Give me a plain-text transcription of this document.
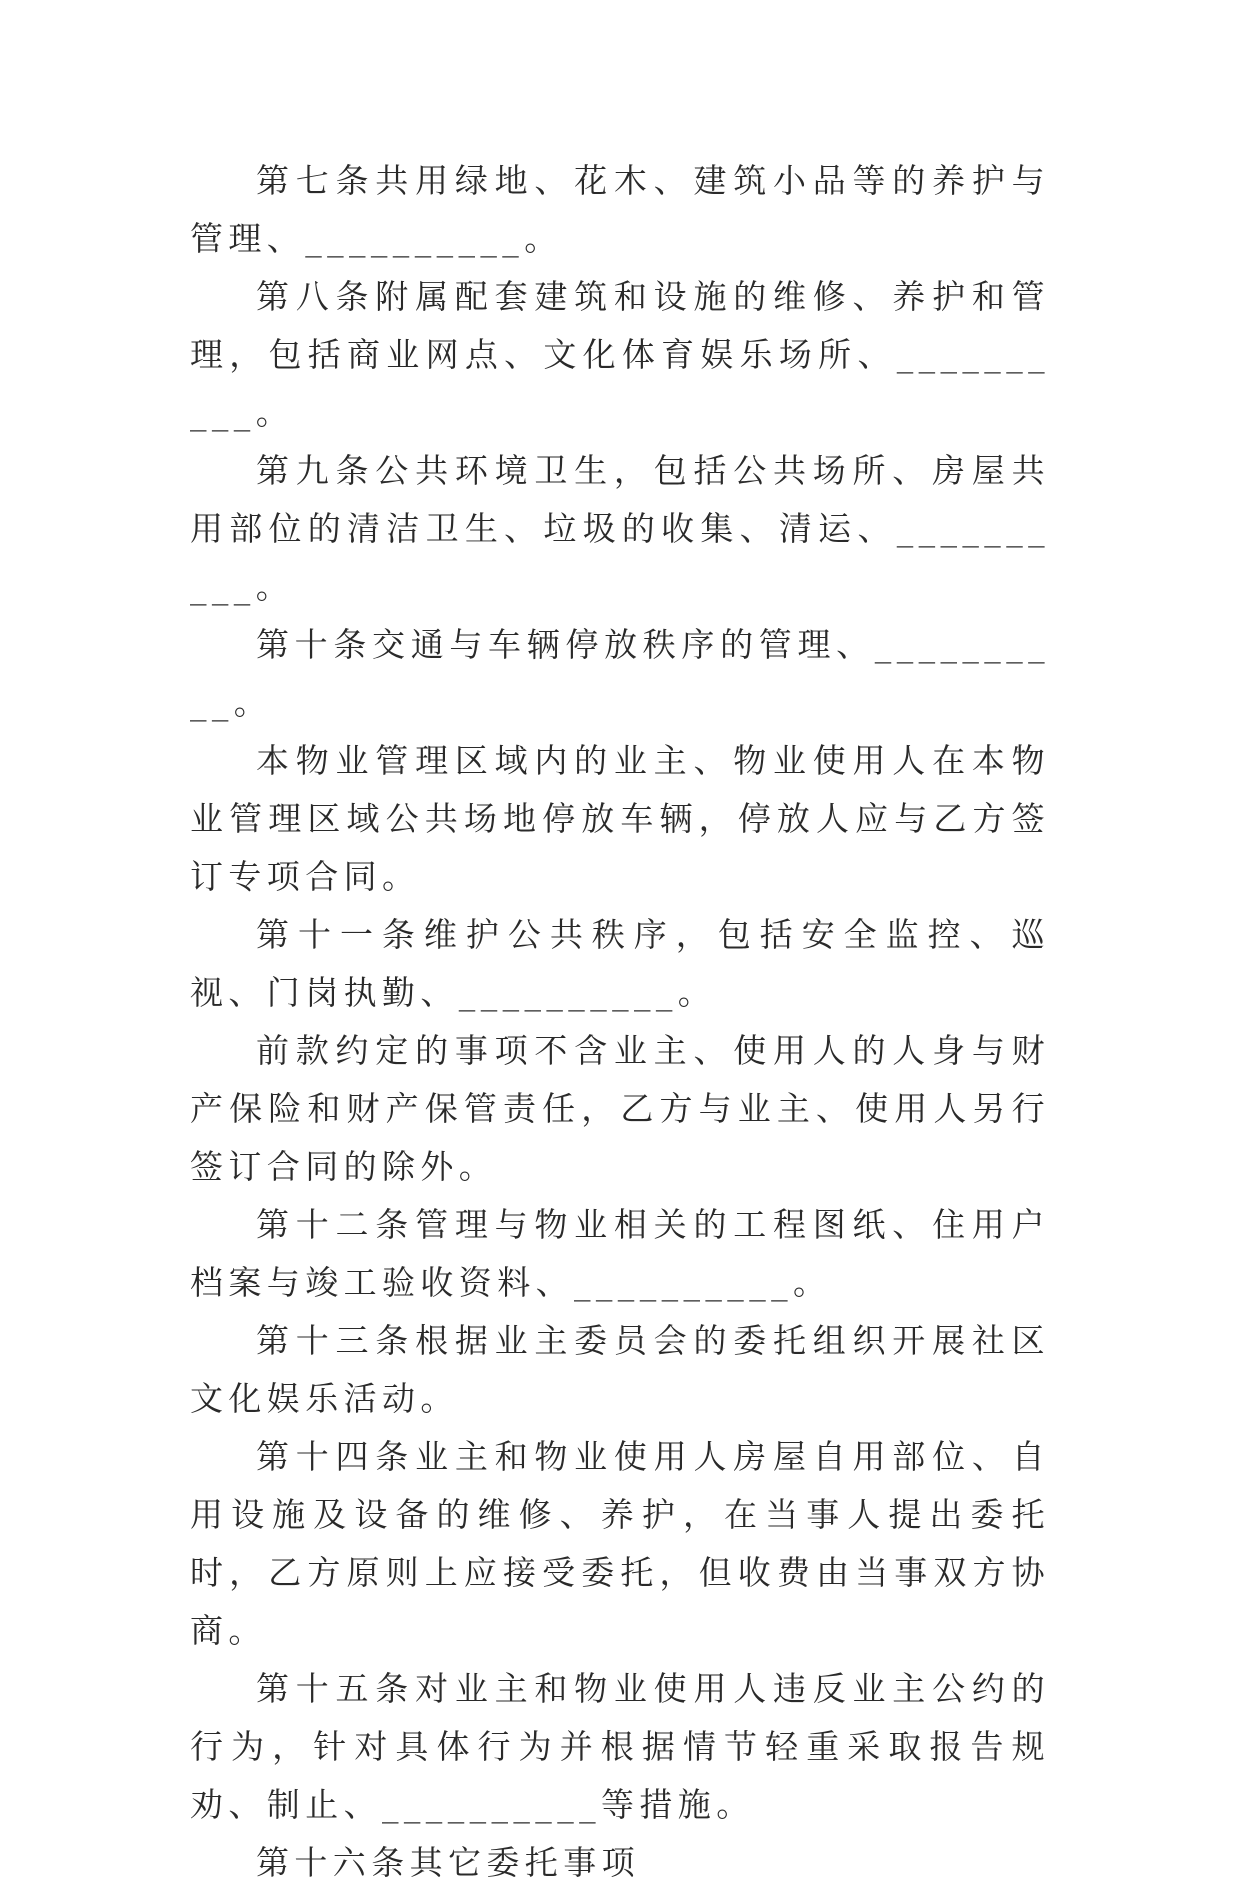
第七条共用绿地、花木、建筑小品等的养护与管理、__________。

第八条附属配套建筑和设施的维修、养护和管理，包括商业网点、文化体育娱乐场所、__________。

第九条公共环境卫生，包括公共场所、房屋共用部位的清洁卫生、垃圾的收集、清运、__________。

第十条交通与车辆停放秩序的管理、__________。

本物业管理区域内的业主、物业使用人在本物业管理区域公共场地停放车辆，停放人应与乙方签订专项合同。

第十一条维护公共秩序，包括安全监控、巡视、门岗执勤、__________。

前款约定的事项不含业主、使用人的人身与财产保险和财产保管责任，乙方与业主、使用人另行签订合同的除外。

第十二条管理与物业相关的工程图纸、住用户档案与竣工验收资料、__________。

第十三条根据业主委员会的委托组织开展社区文化娱乐活动。

第十四条业主和物业使用人房屋自用部位、自用设施及设备的维修、养护，在当事人提出委托时，乙方原则上应接受委托，但收费由当事双方协商。

第十五条对业主和物业使用人违反业主公约的行为，针对具体行为并根据情节轻重采取报告规劝、制止、__________等措施。

第十六条其它委托事项
